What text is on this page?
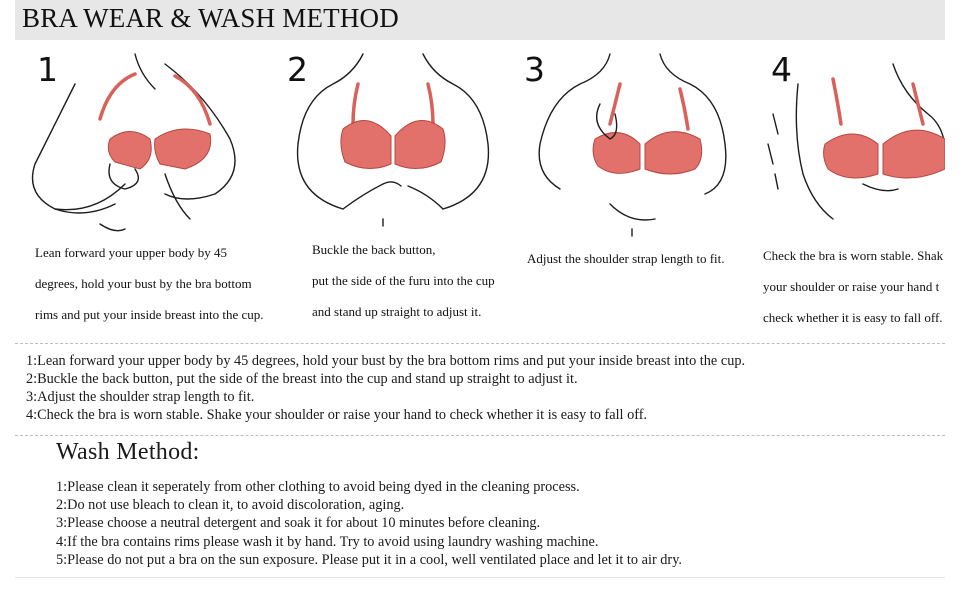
BRA WEAR & WASH METHOD
1
Lean forward your upper body by 45
degrees, hold your bust by the bra bottom
rims and put your inside breast into the cup.
2
Buckle the back button,
put the side of the furu into the cup
and stand up straight to adjust it.
3
Adjust the shoulder strap length to fit.
4
Check the bra is worn stable. Shak
your shoulder or raise your hand t
check whether it is easy to fall off.
1:Lean forward your upper body by 45 degrees, hold your bust by the bra bottom rims and put your inside breast into the cup.
2:Buckle the back button, put the side of the breast into the cup and stand up straight to adjust it.
3:Adjust the shoulder strap length to fit.
4:Check the bra is worn stable. Shake your shoulder or raise your hand to check whether it is easy to fall off.
Wash Method:
1:Please clean it seperately from other clothing to avoid being dyed in the cleaning process.
2:Do not use bleach to clean it, to avoid discoloration, aging.
3:Please choose a neutral detergent and soak it for about 10 minutes before cleaning.
4:If the bra contains rims please wash it by hand. Try to avoid using laundry washing machine.
5:Please do not put a bra on the sun exposure. Please put it in a cool, well ventilated place and let it to air dry.
